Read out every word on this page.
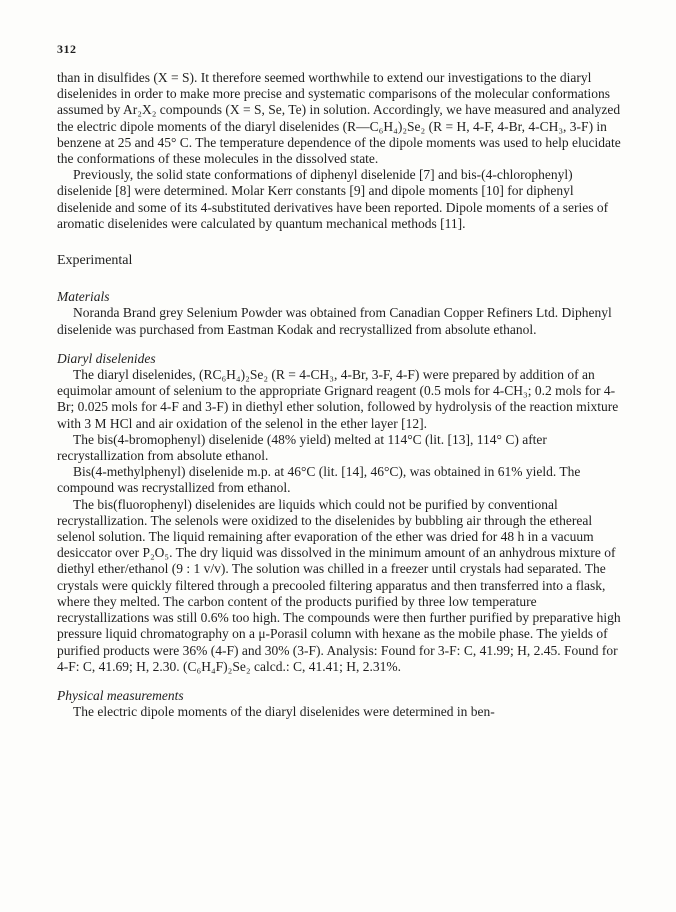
312

than in disulfides (X = S). It therefore seemed worthwhile to extend our investigations to the diaryl diselenides in order to make more precise and systematic comparisons of the molecular conformations assumed by Ar₂X₂ compounds (X = S, Se, Te) in solution. Accordingly, we have measured and analyzed the electric dipole moments of the diaryl diselenides (R—C₆H₄)₂Se₂ (R = H, 4-F, 4-Br, 4-CH₃, 3-F) in benzene at 25 and 45° C. The temperature dependence of the dipole moments was used to help elucidate the conformations of these molecules in the dissolved state.

Previously, the solid state conformations of diphenyl diselenide [7] and bis-(4-chlorophenyl) diselenide [8] were determined. Molar Kerr constants [9] and dipole moments [10] for diphenyl diselenide and some of its 4-substituted derivatives have been reported. Dipole moments of a series of aromatic diselenides were calculated by quantum mechanical methods [11].

Experimental
Materials

Noranda Brand grey Selenium Powder was obtained from Canadian Copper Refiners Ltd. Diphenyl diselenide was purchased from Eastman Kodak and recrystallized from absolute ethanol.

Diaryl diselenides

The diaryl diselenides, (RC₆H₄)₂Se₂ (R = 4-CH₃, 4-Br, 3-F, 4-F) were prepared by addition of an equimolar amount of selenium to the appropriate Grignard reagent (0.5 mols for 4-CH₃; 0.2 mols for 4-Br; 0.025 mols for 4-F and 3-F) in diethyl ether solution, followed by hydrolysis of the reaction mixture with 3 M HCl and air oxidation of the selenol in the ether layer [12].

The bis(4-bromophenyl) diselenide (48% yield) melted at 114°C (lit. [13], 114° C) after recrystallization from absolute ethanol.

Bis(4-methylphenyl) diselenide m.p. at 46°C (lit. [14], 46°C), was obtained in 61% yield. The compound was recrystallized from ethanol.

The bis(fluorophenyl) diselenides are liquids which could not be purified by conventional recrystallization. The selenols were oxidized to the diselenides by bubbling air through the ethereal selenol solution. The liquid remaining after evaporation of the ether was dried for 48 h in a vacuum desiccator over P₂O₅. The dry liquid was dissolved in the minimum amount of an anhydrous mixture of diethyl ether/ethanol (9 : 1 v/v). The solution was chilled in a freezer until crystals had separated. The crystals were quickly filtered through a precooled filtering apparatus and then transferred into a flask, where they melted. The carbon content of the products purified by three low temperature recrystallizations was still 0.6% too high. The compounds were then further purified by preparative high pressure liquid chromatography on a μ-Porasil column with hexane as the mobile phase. The yields of purified products were 36% (4-F) and 30% (3-F). Analysis: Found for 3-F: C, 41.99; H, 2.45. Found for 4-F: C, 41.69; H, 2.30. (C₆H₄F)₂Se₂ calcd.: C, 41.41; H, 2.31%.

Physical measurements

The electric dipole moments of the diaryl diselenides were determined in ben-
